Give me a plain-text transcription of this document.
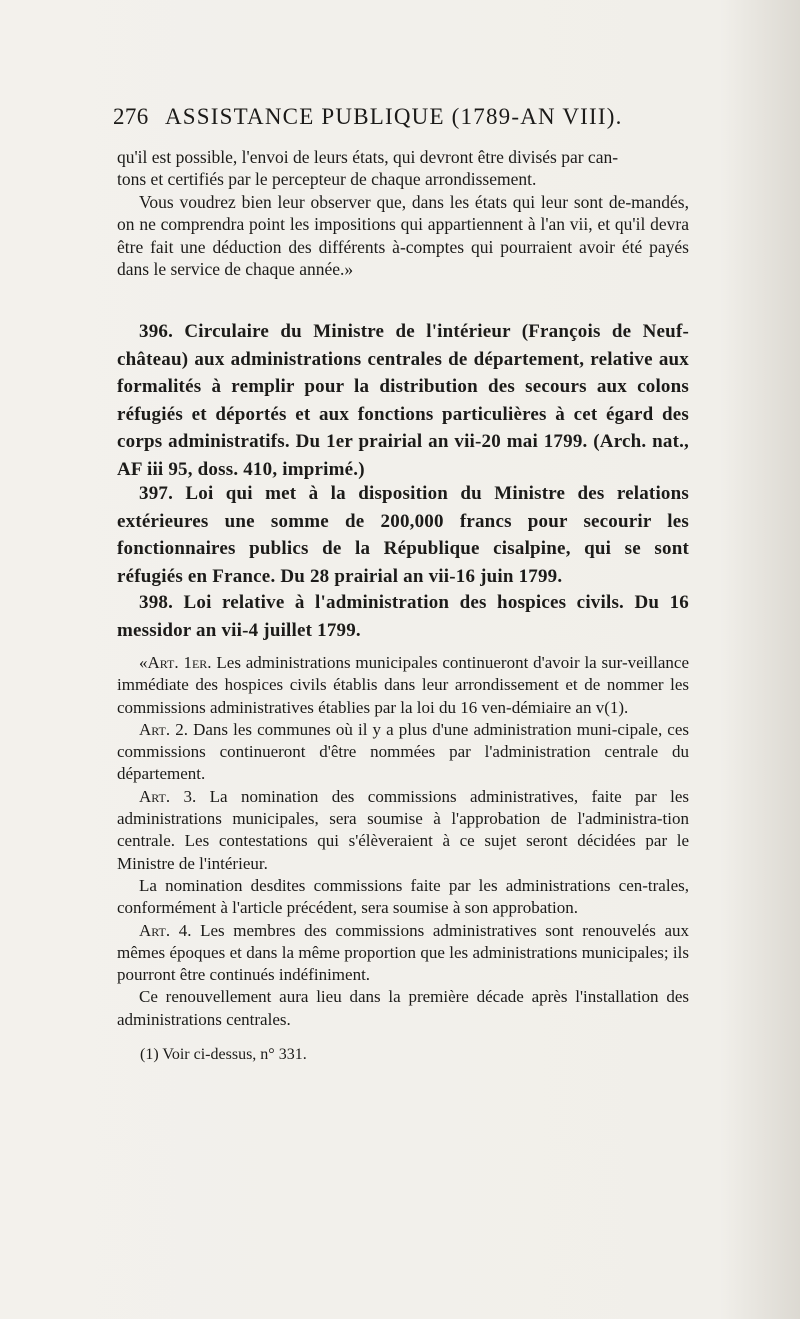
276 ASSISTANCE PUBLIQUE (1789-AN VIII).

qu'il est possible, l'envoi de leurs états, qui devront être divisés par can-

tons et certifiés par le percepteur de chaque arrondissement.

Vous voudrez bien leur observer que, dans les états qui leur sont de-mandés, on ne comprendra point les impositions qui appartiennent à l'an vii, et qu'il devra être fait une déduction des différents à-comptes qui pourraient avoir été payés dans le service de chaque année.»

396. Circulaire du Ministre de l'intérieur (François de Neuf-château) aux administrations centrales de département, relative aux formalités à remplir pour la distribution des secours aux colons réfugiés et déportés et aux fonctions particulières à cet égard des corps administratifs. Du 1er prairial an vii-20 mai 1799. (Arch. nat., AF iii 95, doss. 410, imprimé.)

397. Loi qui met à la disposition du Ministre des relations extérieures une somme de 200,000 francs pour secourir les fonctionnaires publics de la République cisalpine, qui se sont réfugiés en France. Du 28 prairial an vii-16 juin 1799.

398. Loi relative à l'administration des hospices civils. Du 16 messidor an vii-4 juillet 1799.

«Art. 1er. Les administrations municipales continueront d'avoir la sur-veillance immédiate des hospices civils établis dans leur arrondissement et de nommer les commissions administratives établies par la loi du 16 ven-démiaire an v(1).

Art. 2. Dans les communes où il y a plus d'une administration muni-cipale, ces commissions continueront d'être nommées par l'administration centrale du département.

Art. 3. La nomination des commissions administratives, faite par les administrations municipales, sera soumise à l'approbation de l'administra-tion centrale. Les contestations qui s'élèveraient à ce sujet seront décidées par le Ministre de l'intérieur.

La nomination desdites commissions faite par les administrations cen-trales, conformément à l'article précédent, sera soumise à son approbation.

Art. 4. Les membres des commissions administratives sont renouvelés aux mêmes époques et dans la même proportion que les administrations municipales; ils pourront être continués indéfiniment.

Ce renouvellement aura lieu dans la première décade après l'installation des administrations centrales.

(1) Voir ci-dessus, n° 331.
